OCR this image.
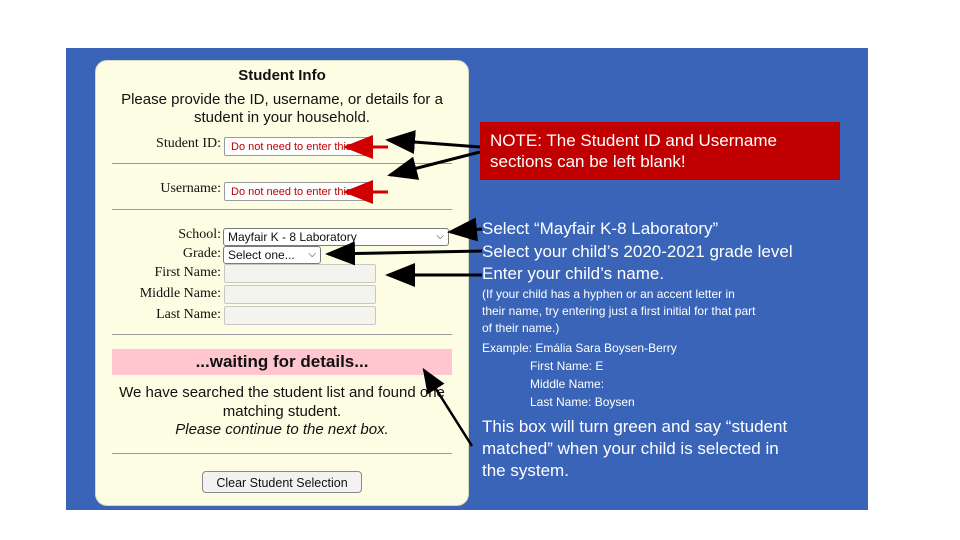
Student Info
Please provide the ID, username, or details for a student in your household.
Student ID: Do not need to enter this.
Username: Do not need to enter this.
School: Mayfair K - 8 Laboratory	⌵
Grade: Select one... ⌵
First Name:
Middle Name:
Last Name:
...waiting for details...
We have searched the student list and found one matching student.
Please continue to the next box.
Clear Student Selection
NOTE: The Student ID and Username sections can be left blank!
Select “Mayfair K-8 Laboratory”
Select your child’s 2020-2021 grade level
Enter your child’s name.
(If your child has a hyphen or an accent letter in
their name, try entering just a first initial for that part
of their name.)
Example: Emália Sara Boysen-Berry
First Name: E
Middle Name:
Last Name: Boysen
This box will turn green and say “student
matched” when your child is selected in
the system.
